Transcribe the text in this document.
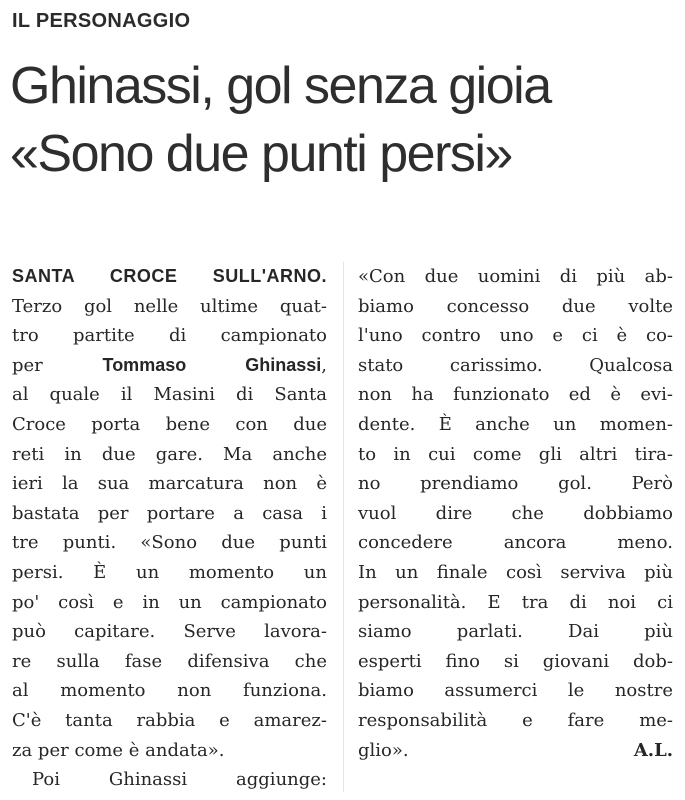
IL PERSONAGGIO
Ghinassi, gol senza gioia
«Sono due punti persi»
SANTA CROCE SULL'ARNO.
Terzo gol nelle ultime quat-
tro partite di campionato
per Tommaso Ghinassi,
al quale il Masini di Santa
Croce porta bene con due
reti in due gare. Ma anche
ieri la sua marcatura non è
bastata per portare a casa i
tre punti. «Sono due punti
persi. È un momento un
po' così e in un campionato
può capitare. Serve lavora-
re sulla fase difensiva che
al momento non funziona.
C'è tanta rabbia e amarez-
za per come è andata».
Poi Ghinassi aggiunge:
«Con due uomini di più ab-
biamo concesso due volte
l'uno contro uno e ci è co-
stato carissimo. Qualcosa
non ha funzionato ed è evi-
dente. È anche un momen-
to in cui come gli altri tira-
no prendiamo gol. Però
vuol dire che dobbiamo
concedere ancora meno.
In un finale così serviva più
personalità. E tra di noi ci
siamo parlati. Dai più
esperti fino si giovani dob-
biamo assumerci le nostre
responsabilità e fare me-
glio».	A.L.
